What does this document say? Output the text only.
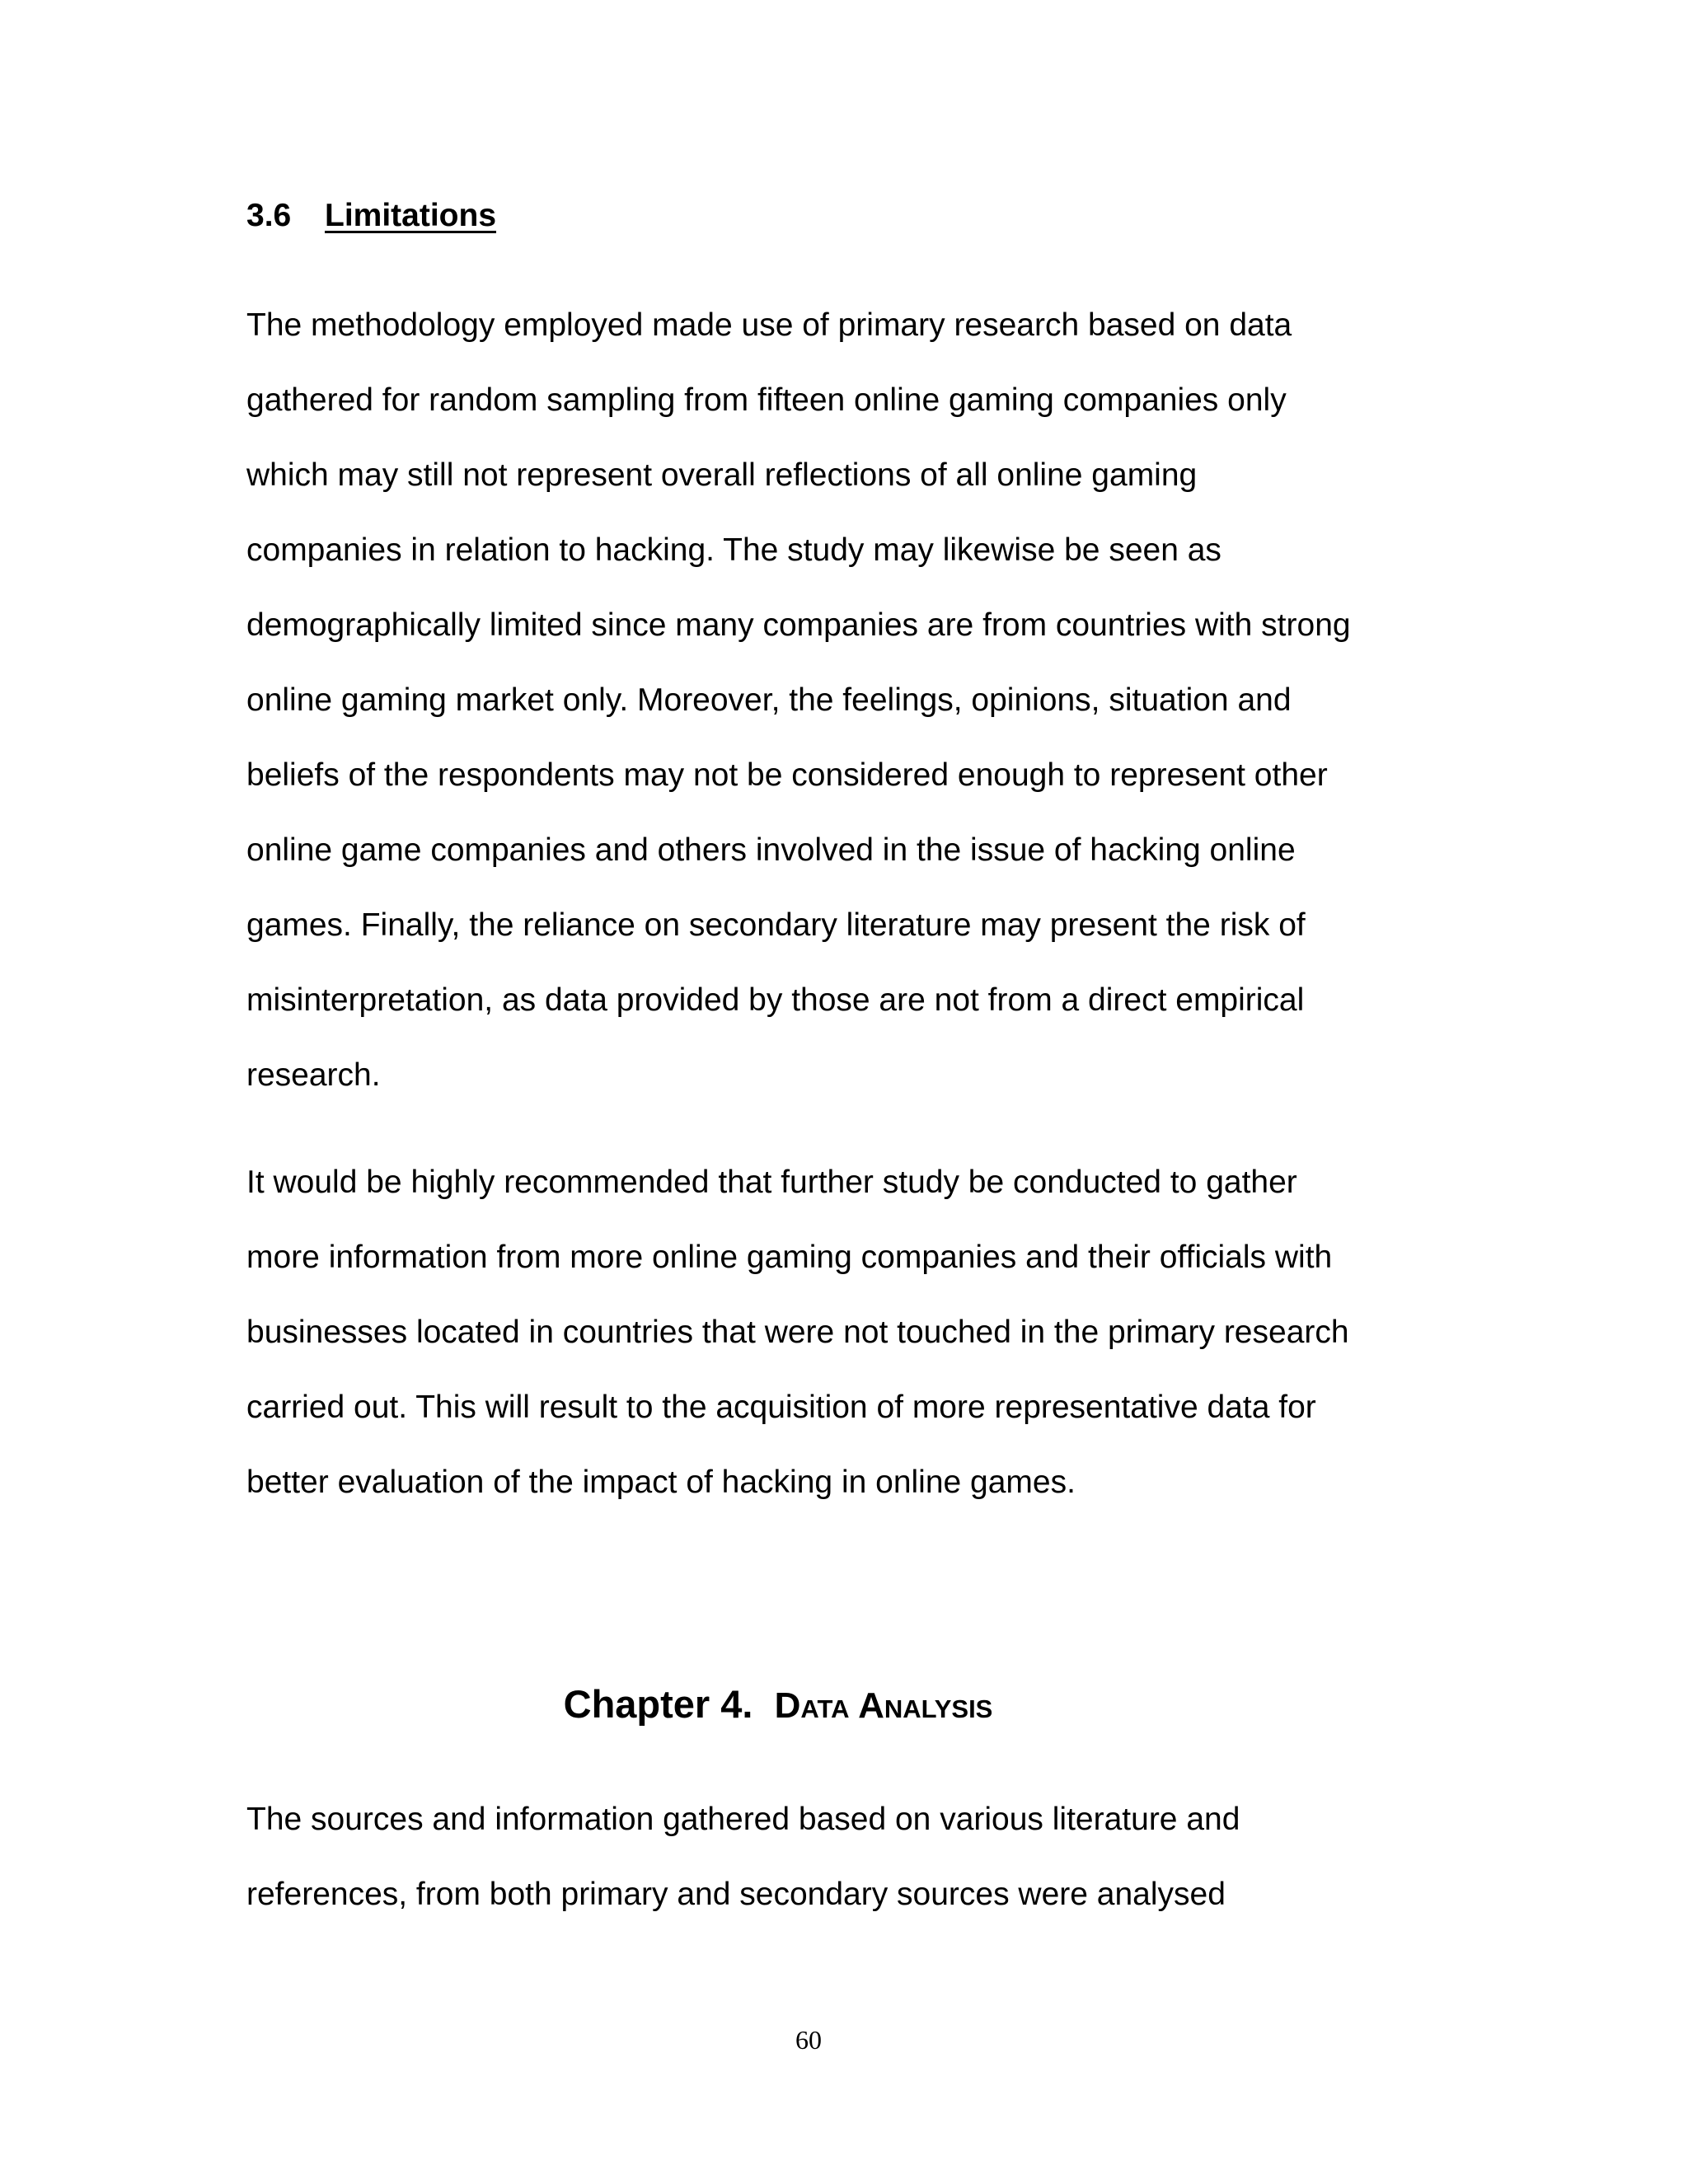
3.6 Limitations

The methodology employed made use of primary research based on data
gathered for random sampling from fifteen online gaming companies only
which may still not represent overall reflections of all online gaming
companies in relation to hacking. The study may likewise be seen as
demographically limited since many companies are from countries with strong
online gaming market only. Moreover, the feelings, opinions, situation and
beliefs of the respondents may not be considered enough to represent other
online game companies and others involved in the issue of hacking online
games. Finally, the reliance on secondary literature may present the risk of
misinterpretation, as data provided by those are not from a direct empirical
research.

It would be highly recommended that further study be conducted to gather
more information from more online gaming companies and their officials with
businesses located in countries that were not touched in the primary research
carried out. This will result to the acquisition of more representative data for
better evaluation of the impact of hacking in online games.

Chapter 4. Data Analysis

The sources and information gathered based on various literature and
references, from both primary and secondary sources were analysed

60
